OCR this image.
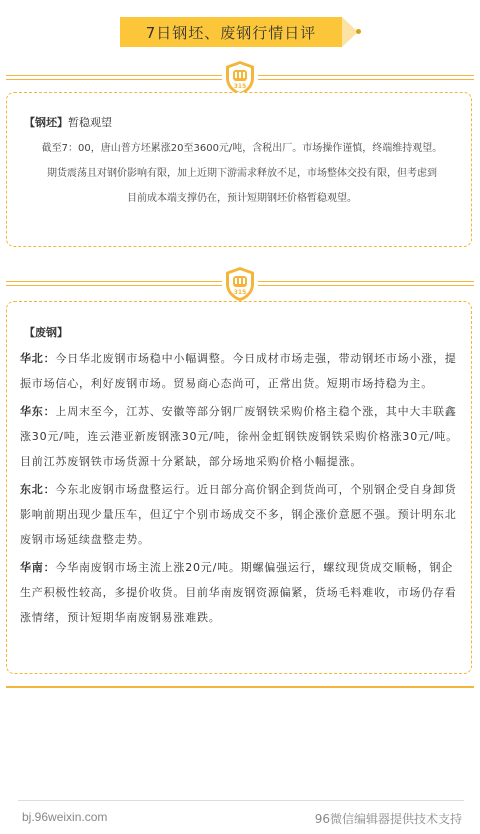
7日钢坯、废钢行情日评
315
【钢坯】暂稳观望
截至7：00，唐山普方坯累涨20至3600元/吨，含税出厂。市场操作谨慎，终端维持观望。
期货震荡且对钢价影响有限，加上近期下游需求释放不足，市场整体交投有限，但考虑到
目前成本端支撑仍在，预计短期钢坯价格暂稳观望。
315
【废钢】
华北：今日华北废钢市场稳中小幅调整。今日成材市场走强，带动钢坯市场小涨，提振市场信心，利好废钢市场。贸易商心态尚可，正常出货。短期市场持稳为主。
华东：上周末至今，江苏、安徽等部分钢厂废钢铁采购价格主稳个涨，其中大丰联鑫涨30元/吨，连云港亚新废钢涨30元/吨，徐州金虹钢铁废钢铁采购价格涨30元/吨。目前江苏废钢铁市场货源十分紧缺，部分场地采购价格小幅提涨。
东北：今东北废钢市场盘整运行。近日部分高价钢企到货尚可，个别钢企受自身卸货影响前期出现少量压车，但辽宁个别市场成交不多，钢企涨价意愿不强。预计明东北废钢市场延续盘整走势。
华南：今华南废钢市场主流上涨20元/吨。期螺偏强运行，螺纹现货成交顺畅，钢企生产积极性较高，多提价收货。目前华南废钢资源偏紧，货场毛料难收，市场仍存看涨情绪，预计短期华南废钢易涨难跌。
bj.96weixin.com	96微信编辑器提供技术支持
